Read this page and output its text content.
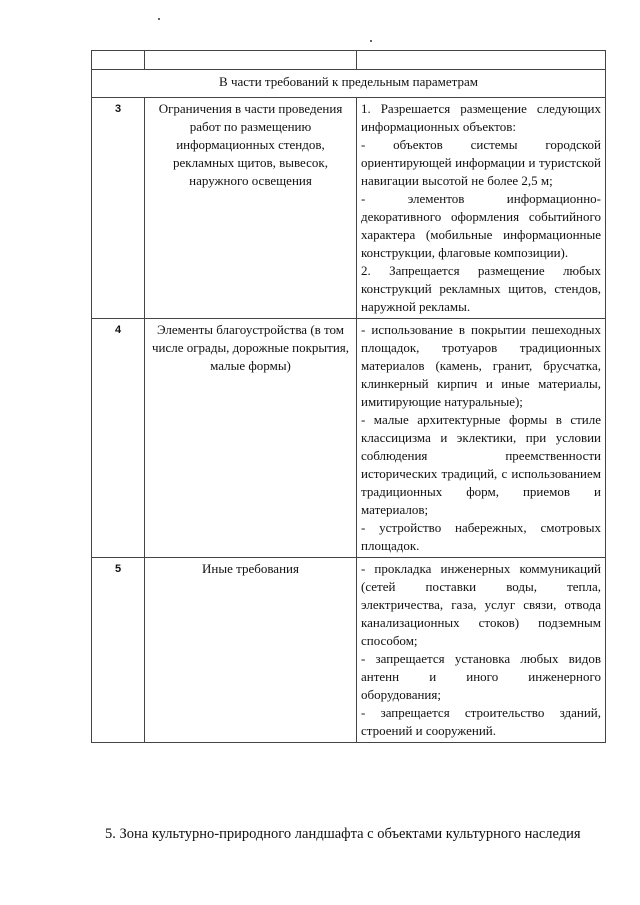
В части требований к предельным параметрам		
3	Ограничения в части проведения работ по размещению информационных стендов, рекламных щитов, вывесок, наружного освещения	1. Разрешается размещение следующих информационных объектов:
- объектов системы городской ориентирующей информации и туристской навигации высотой не более 2,5 м;
- элементов информационно-декоративного оформления событийного характера (мобильные информационные конструкции, флаговые композиции).
2. Запрещается размещение любых конструкций рекламных щитов, стендов, наружной рекламы.

4	Элементы благоустройства (в том числе ограды, дорожные покрытия, малые формы)	- использование в покрытии пешеходных площадок, тротуаров традиционных материалов (камень, гранит, брусчатка, клинкерный кирпич и иные материалы, имитирующие натуральные);
- малые архитектурные формы в стиле классицизма и эклектики, при условии соблюдения преемственности исторических традиций, с использованием традиционных форм, приемов и материалов;
- устройство набережных, смотровых площадок.

5	Иные требования	- прокладка инженерных коммуникаций (сетей поставки воды, тепла, электричества, газа, услуг связи, отвода канализационных стоков) подземным способом;
- запрещается установка любых видов антенн и иного инженерного оборудования;
- запрещается строительство зданий, строений и сооружений.
5. Зона культурно-природного ландшафта с объектами культурного наследия
